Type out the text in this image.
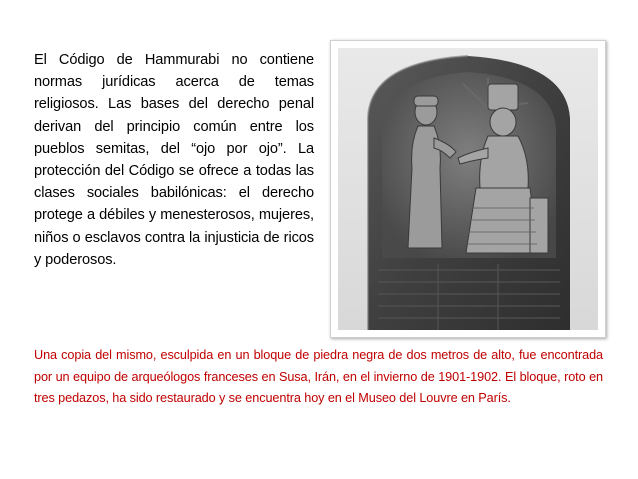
El Código de Hammurabi no contiene normas jurídicas acerca de temas religiosos. Las bases del derecho penal derivan del principio común entre los pueblos semitas, del “ojo por ojo”. La protección del Código se ofrece a todas las clases sociales babilónicas: el derecho protege a débiles y menesterosos, mujeres, niños o esclavos contra la injusticia de ricos y poderosos.
Una copia del mismo, esculpida en un bloque de piedra negra de dos metros de alto, fue encontrada por un equipo de arqueólogos franceses en Susa, Irán, en el invierno de 1901-1902. El bloque, roto en tres pedazos, ha sido restaurado y se encuentra hoy en el Museo del Louvre en París.
